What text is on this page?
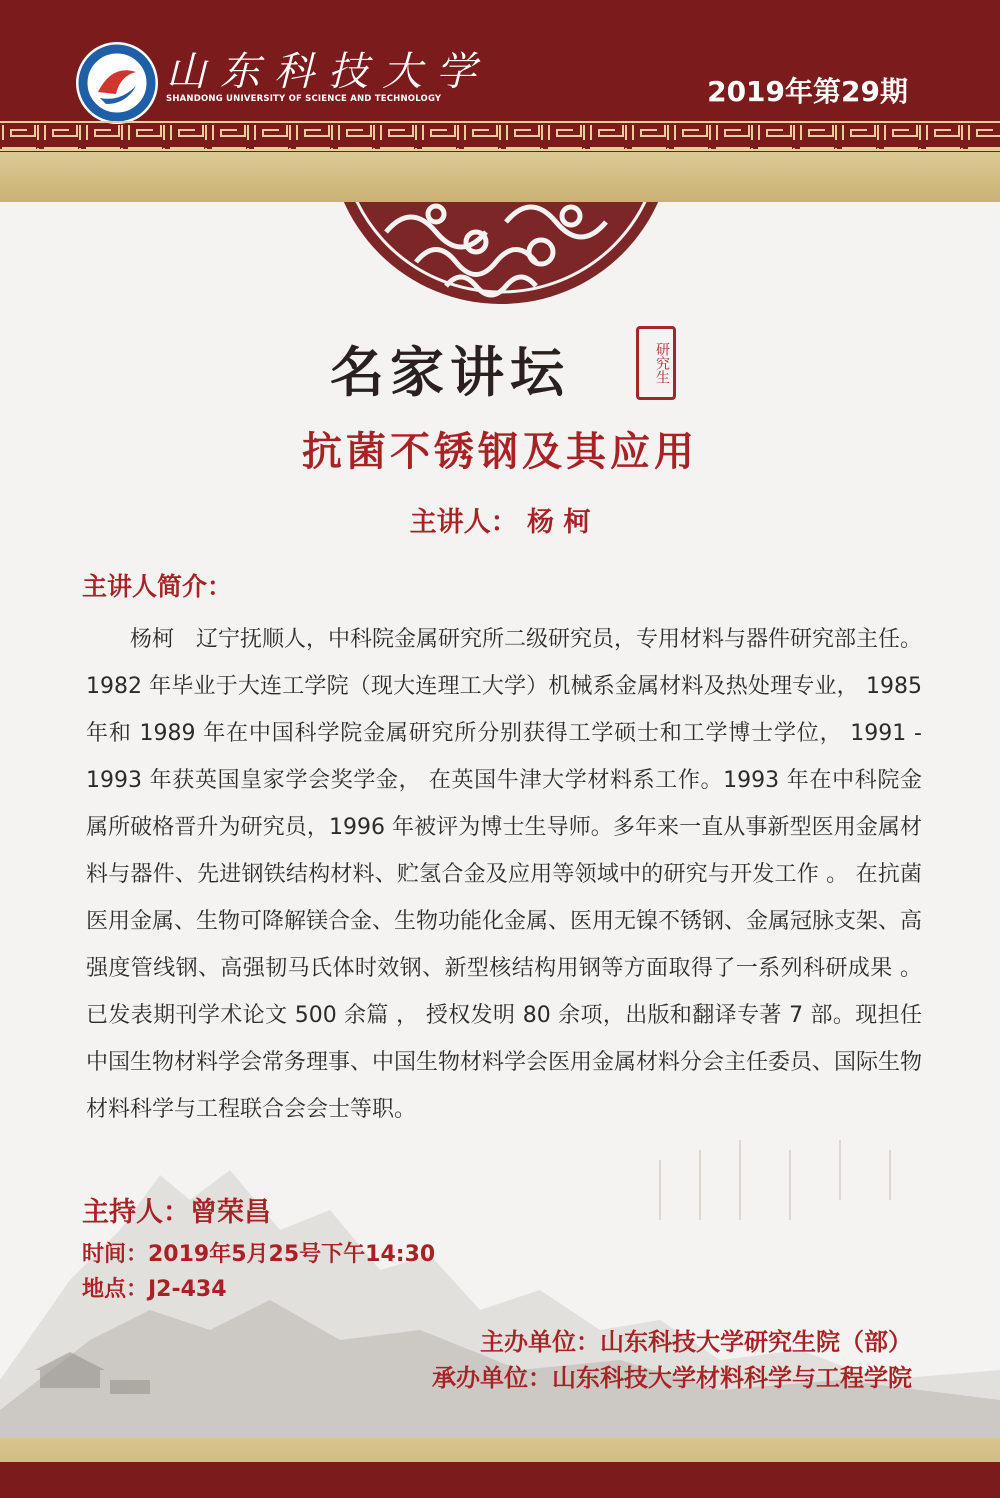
山东科技大学
SHANDONG UNIVERSITY OF SCIENCE AND TECHNOLOGY	2019年第29期
名家讲坛	研究生
抗菌不锈钢及其应用
主讲人： 杨 柯
主讲人简介：
杨柯　辽宁抚顺人，中科院金属研究所二级研究员，专用材料与器件研究部主任。 1982 年毕业于大连工学院（现大连理工大学）机械系金属材料及热处理专业， 1985 年和 1989 年在中国科学院金属研究所分别获得工学硕士和工学博士学位， 1991 - 1993 年获英国皇家学会奖学金， 在英国牛津大学材料系工作。1993 年在中科院金属所破格晋升为研究员，1996 年被评为博士生导师。多年来一直从事新型医用金属材料与器件、先进钢铁结构材料、贮氢合金及应用等领域中的研究与开发工作 。 在抗菌医用金属、生物可降解镁合金、生物功能化金属、医用无镍不锈钢、金属冠脉支架、高强度管线钢、高强韧马氏体时效钢、新型核结构用钢等方面取得了一系列科研成果 。已发表期刊学术论文 500 余篇 ， 授权发明 80 余项，出版和翻译专著 7 部。现担任中国生物材料学会常务理事、中国生物材料学会医用金属材料分会主任委员、国际生物材料科学与工程联合会会士等职。
主持人：曾荣昌
时间：2019年5月25号下午14:30
地点：J2-434
主办单位：山东科技大学研究生院（部）
承办单位：山东科技大学材料科学与工程学院
